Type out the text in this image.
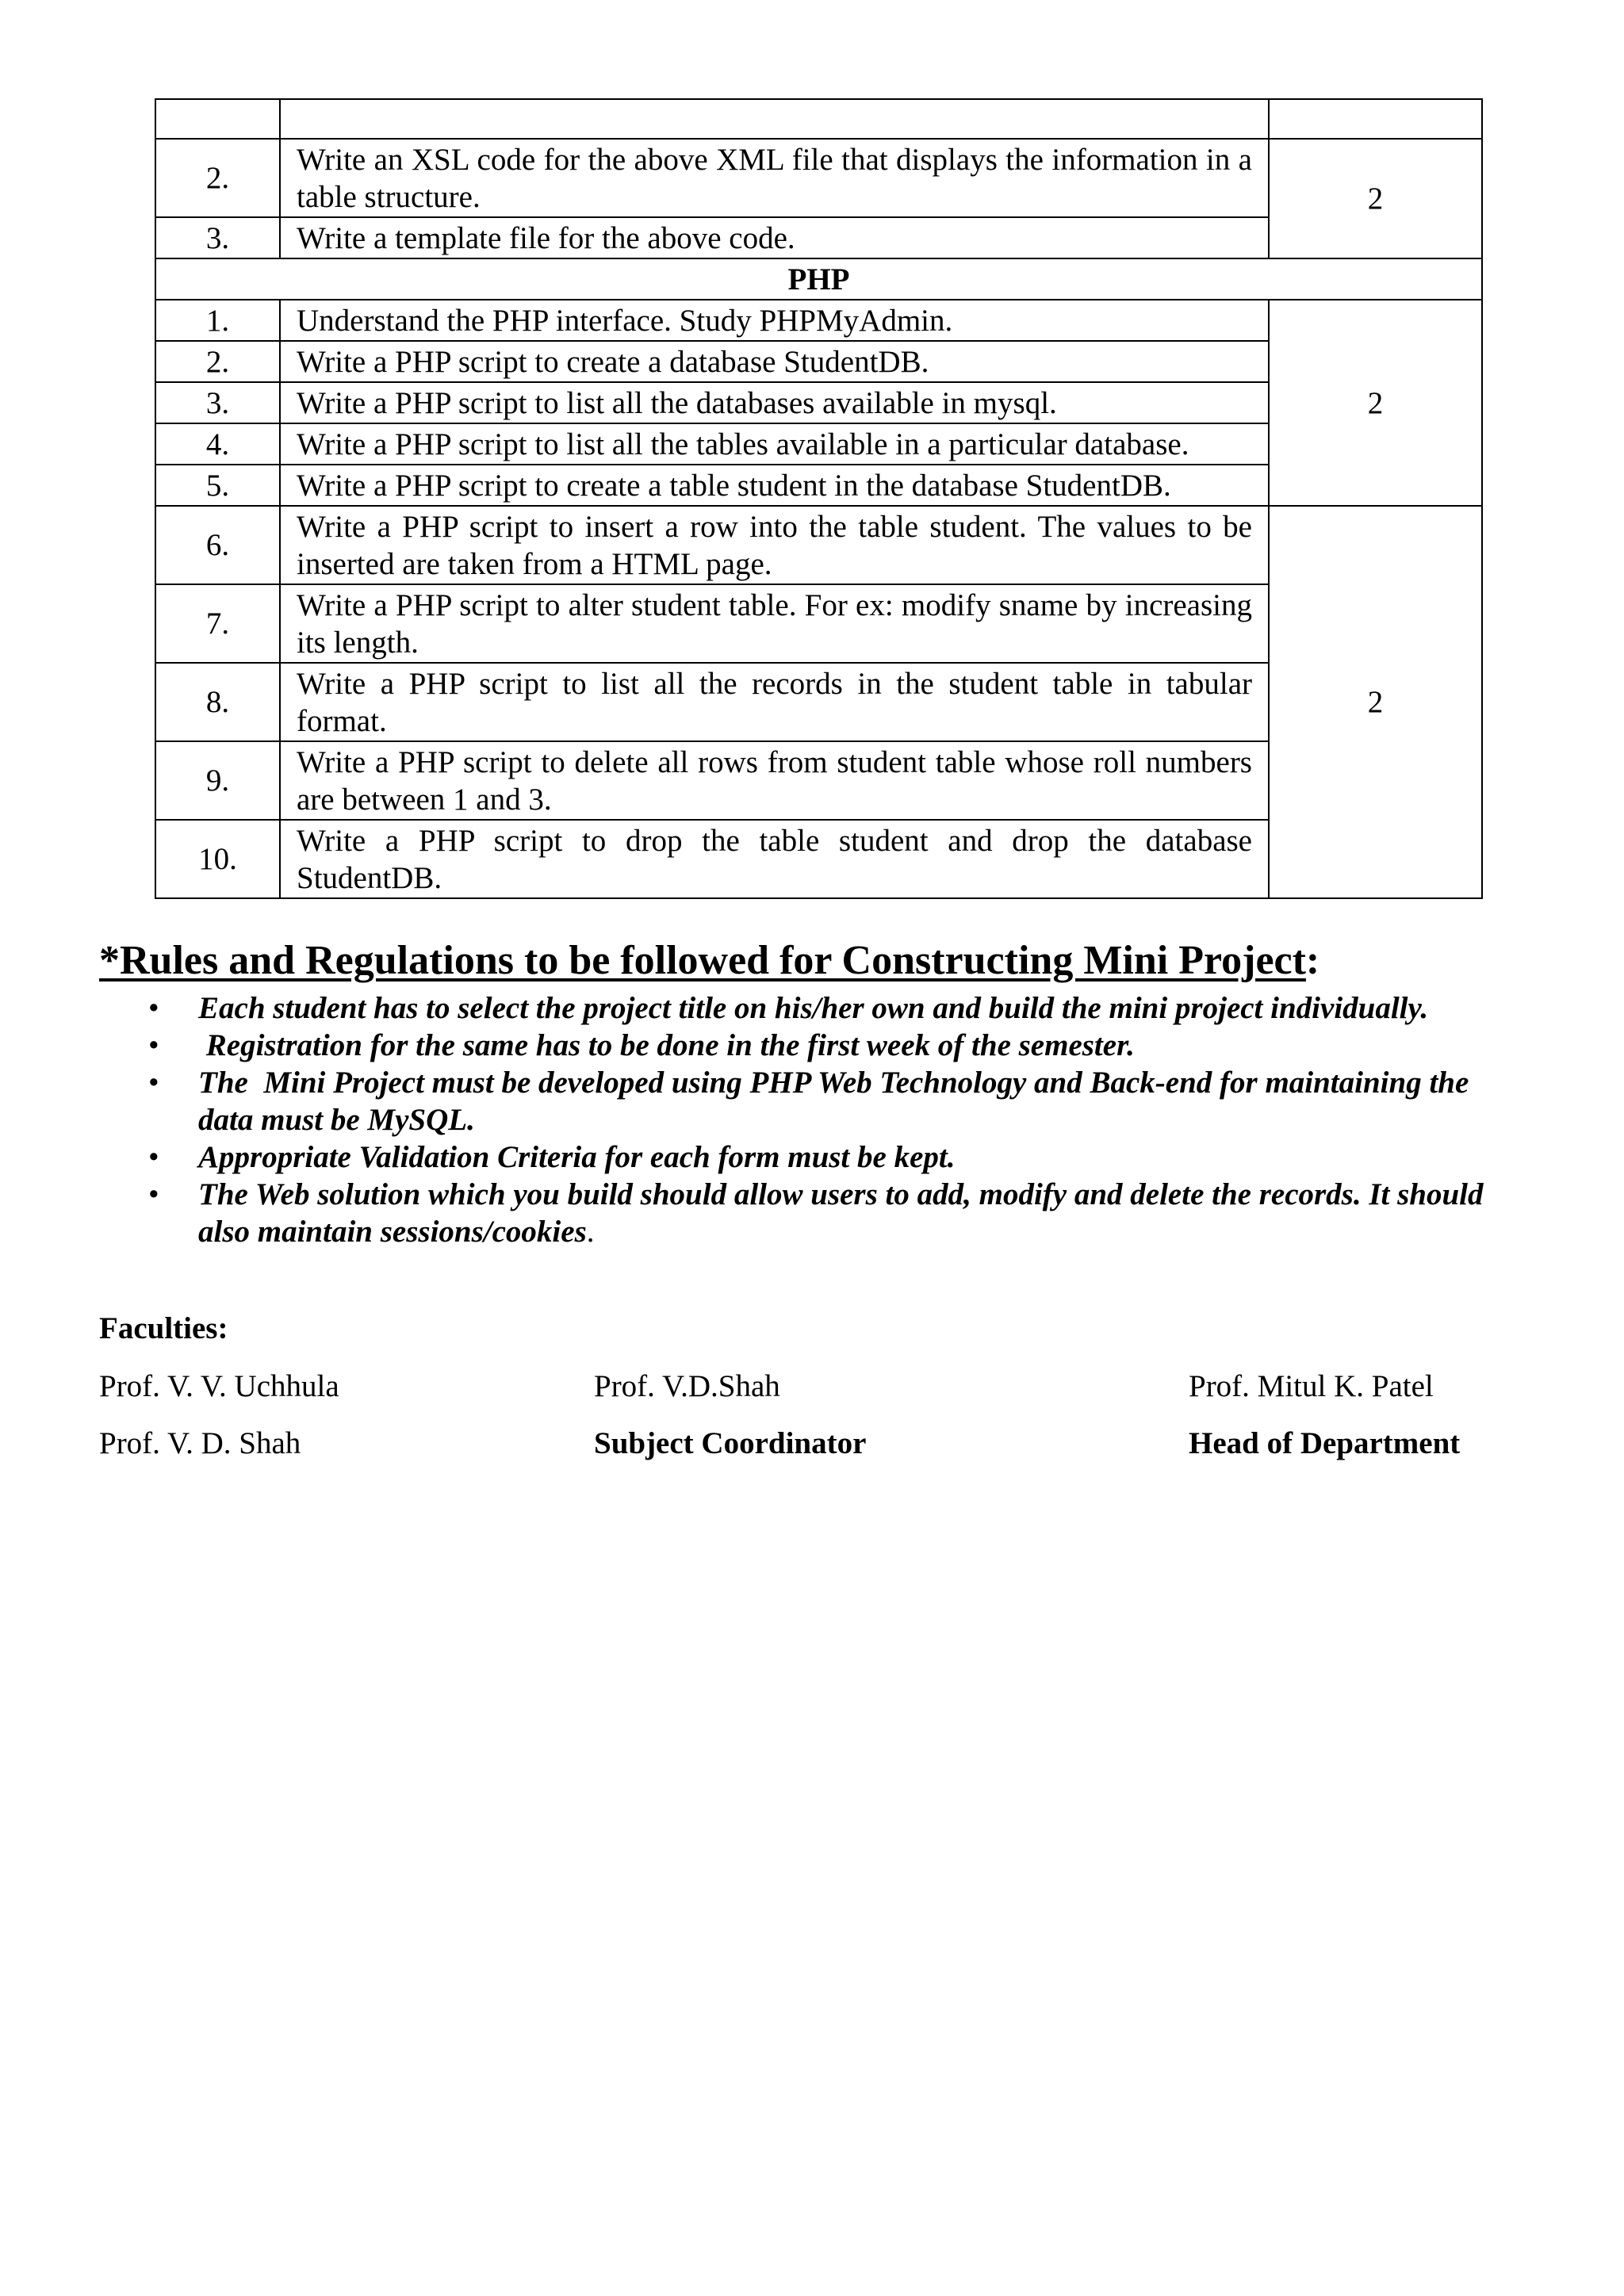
2.	Write an XSL code for the above XML file that displays the information in a table structure.	2
3.	Write a template file for the above code.	
PHP		
1.	Understand the PHP interface. Study PHPMyAdmin.	2
2.	Write a PHP script to create a database StudentDB.	
3.	Write a PHP script to list all the databases available in mysql.	
4.	Write a PHP script to list all the tables available in a particular database.	
5.	Write a PHP script to create a table student in the database StudentDB.	
6.	Write a PHP script to insert a row into the table student. The values to be inserted are taken from a HTML page.	2
7.	Write a PHP script to alter student table. For ex: modify sname by increasing its length.	
8.	Write a PHP script to list all the records in the student table in tabular format.	
9.	Write a PHP script to delete all rows from student table whose roll numbers are between 1 and 3.	
10.	Write a PHP script to drop the table student and drop the database StudentDB.	
*Rules and Regulations to be followed for Constructing Mini Project:
• Each student has to select the project title on his/her own and build the mini project individually.
• Registration for the same has to be done in the first week of the semester.
• The  Mini Project must be developed using PHP Web Technology and Back-end for maintaining the data must be MySQL.
• Appropriate Validation Criteria for each form must be kept.
• The Web solution which you build should allow users to add, modify and delete the records. It should also maintain sessions/cookies.
Faculties:
Prof. V. V. Uchhula
Prof. V. D. Shah
Prof. V.D.Shah
Subject Coordinator
Prof. Mitul K. Patel
Head of Department
